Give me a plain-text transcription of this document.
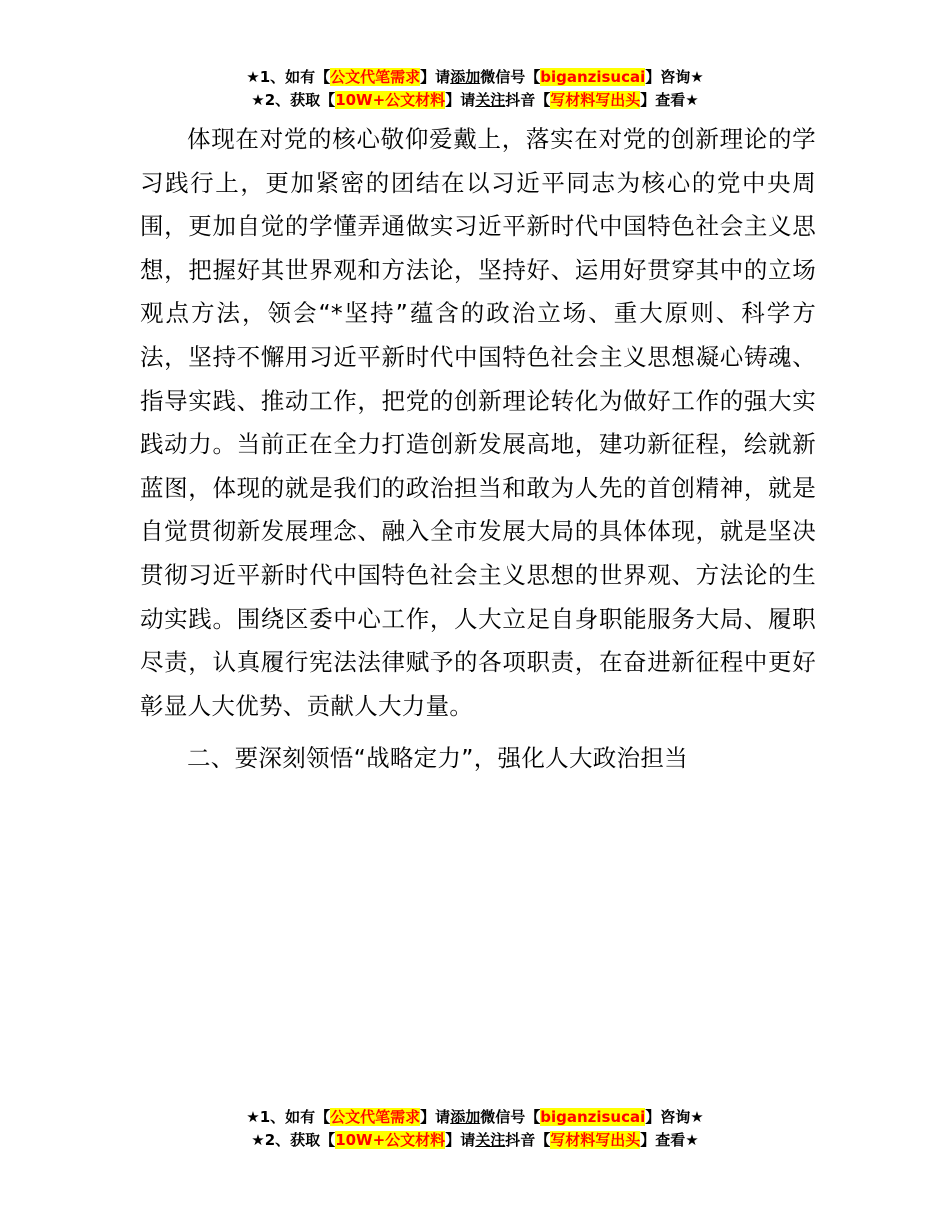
★1、如有【公文代笔需求】请添加微信号【biganzisucai】咨询★
★2、获取【10W+公文材料】请关注抖音【写材料写出头】查看★

体现在对党的核心敬仰爱戴上，落实在对党的创新理论的学习践行上，更加紧密的团结在以习近平同志为核心的党中央周围，更加自觉的学懂弄通做实习近平新时代中国特色社会主义思想，把握好其世界观和方法论，坚持好、运用好贯穿其中的立场观点方法，领会“*坚持”蕴含的政治立场、重大原则、科学方法，坚持不懈用习近平新时代中国特色社会主义思想凝心铸魂、指导实践、推动工作，把党的创新理论转化为做好工作的强大实践动力。当前正在全力打造创新发展高地，建功新征程，绘就新蓝图，体现的就是我们的政治担当和敢为人先的首创精神，就是自觉贯彻新发展理念、融入全市发展大局的具体体现，就是坚决贯彻习近平新时代中国特色社会主义思想的世界观、方法论的生动实践。围绕区委中心工作，人大立足自身职能服务大局、履职尽责，认真履行宪法法律赋予的各项职责，在奋进新征程中更好彰显人大优势、贡献人大力量。

二、要深刻领悟“战略定力”，强化人大政治担当

★1、如有【公文代笔需求】请添加微信号【biganzisucai】咨询★
★2、获取【10W+公文材料】请关注抖音【写材料写出头】查看★
